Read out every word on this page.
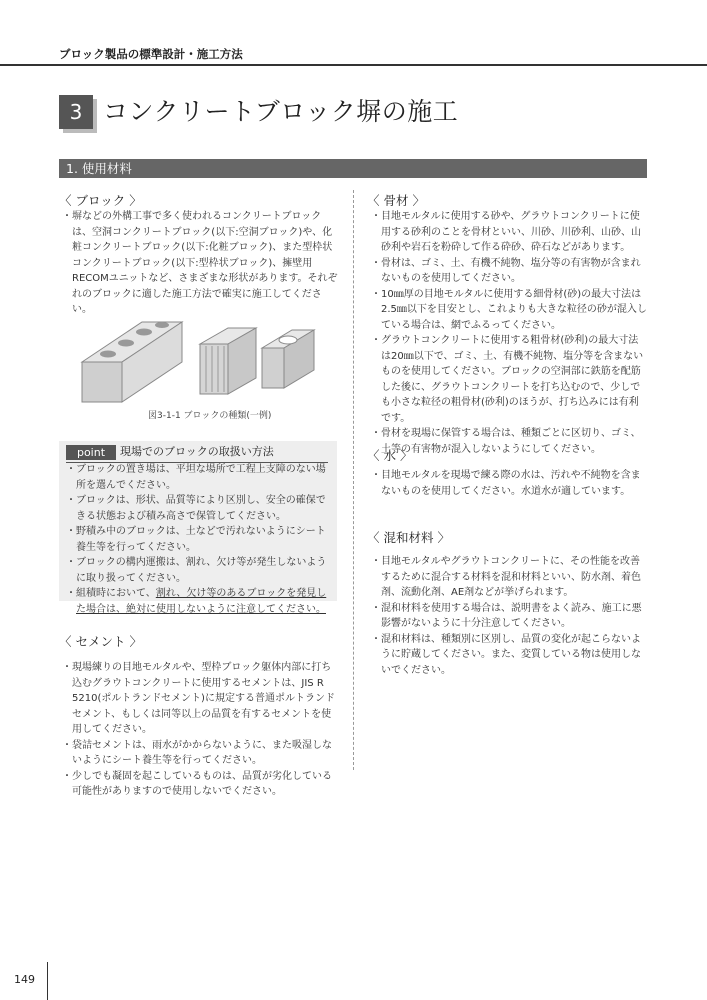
ブロック製品の標準設計・施工方法
3 コンクリートブロック塀の施工
1. 使用材料
〈 ブロック 〉
・塀などの外構工事で多く使われるコンクリートブロックは、空洞コンクリートブロック(以下:空洞ブロック)や、化粧コンクリートブロック(以下:化粧ブロック)、また型枠状コンクリートブロック(以下:型枠状ブロック)、擁壁用RECOMユニットなど、さまざまな形状があります。それぞれのブロックに適した施工方法で確実に施工してください。
図3-1-1 ブロックの種類(一例)
point	現場でのブロックの取扱い方法
・ブロックの置き場は、平坦な場所で工程上支障のない場所を選んでください。
・ブロックは、形状、品質等により区別し、安全の確保できる状態および積み高さで保管してください。
・野積み中のブロックは、土などで汚れないようにシート養生等を行ってください。
・ブロックの構内運搬は、割れ、欠け等が発生しないように取り扱ってください。
・組積時において、割れ、欠け等のあるブロックを発見した場合は、絶対に使用しないように注意してください。
〈 セメント 〉
・現場練りの目地モルタルや、型枠ブロック躯体内部に打ち込むグラウトコンクリートに使用するセメントは、JIS R 5210(ポルトランドセメント)に規定する普通ポルトランドセメント、もしくは同等以上の品質を有するセメントを使用してください。
・袋詰セメントは、雨水がかからないように、また吸湿しないようにシート養生等を行ってください。
・少しでも凝固を起こしているものは、品質が劣化している可能性がありますので使用しないでください。
〈 骨材 〉
・目地モルタルに使用する砂や、グラウトコンクリートに使用する砂利のことを骨材といい、川砂、川砂利、山砂、山砂利や岩石を粉砕して作る砕砂、砕石などがあります。
・骨材は、ゴミ、土、有機不純物、塩分等の有害物が含まれないものを使用してください。
・10㎜厚の目地モルタルに使用する細骨材(砂)の最大寸法は2.5㎜以下を目安とし、これよりも大きな粒径の砂が混入している場合は、網でふるってください。
・グラウトコンクリートに使用する粗骨材(砂利)の最大寸法は20㎜以下で、ゴミ、土、有機不純物、塩分等を含まないものを使用してください。ブロックの空洞部に鉄筋を配筋した後に、グラウトコンクリートを打ち込むので、少しでも小さな粒径の粗骨材(砂利)のほうが、打ち込みには有利です。
・骨材を現場に保管する場合は、種類ごとに区切り、ゴミ、土等の有害物が混入しないようにしてください。
〈 水 〉
・目地モルタルを現場で練る際の水は、汚れや不純物を含まないものを使用してください。水道水が適しています。
〈 混和材料 〉
・目地モルタルやグラウトコンクリートに、その性能を改善するために混合する材料を混和材料といい、防水剤、着色剤、流動化剤、AE剤などが挙げられます。
・混和材料を使用する場合は、説明書をよく読み、施工に悪影響がないように十分注意してください。
・混和材料は、種類別に区別し、品質の変化が起こらないように貯蔵してください。また、変質している物は使用しないでください。
149
